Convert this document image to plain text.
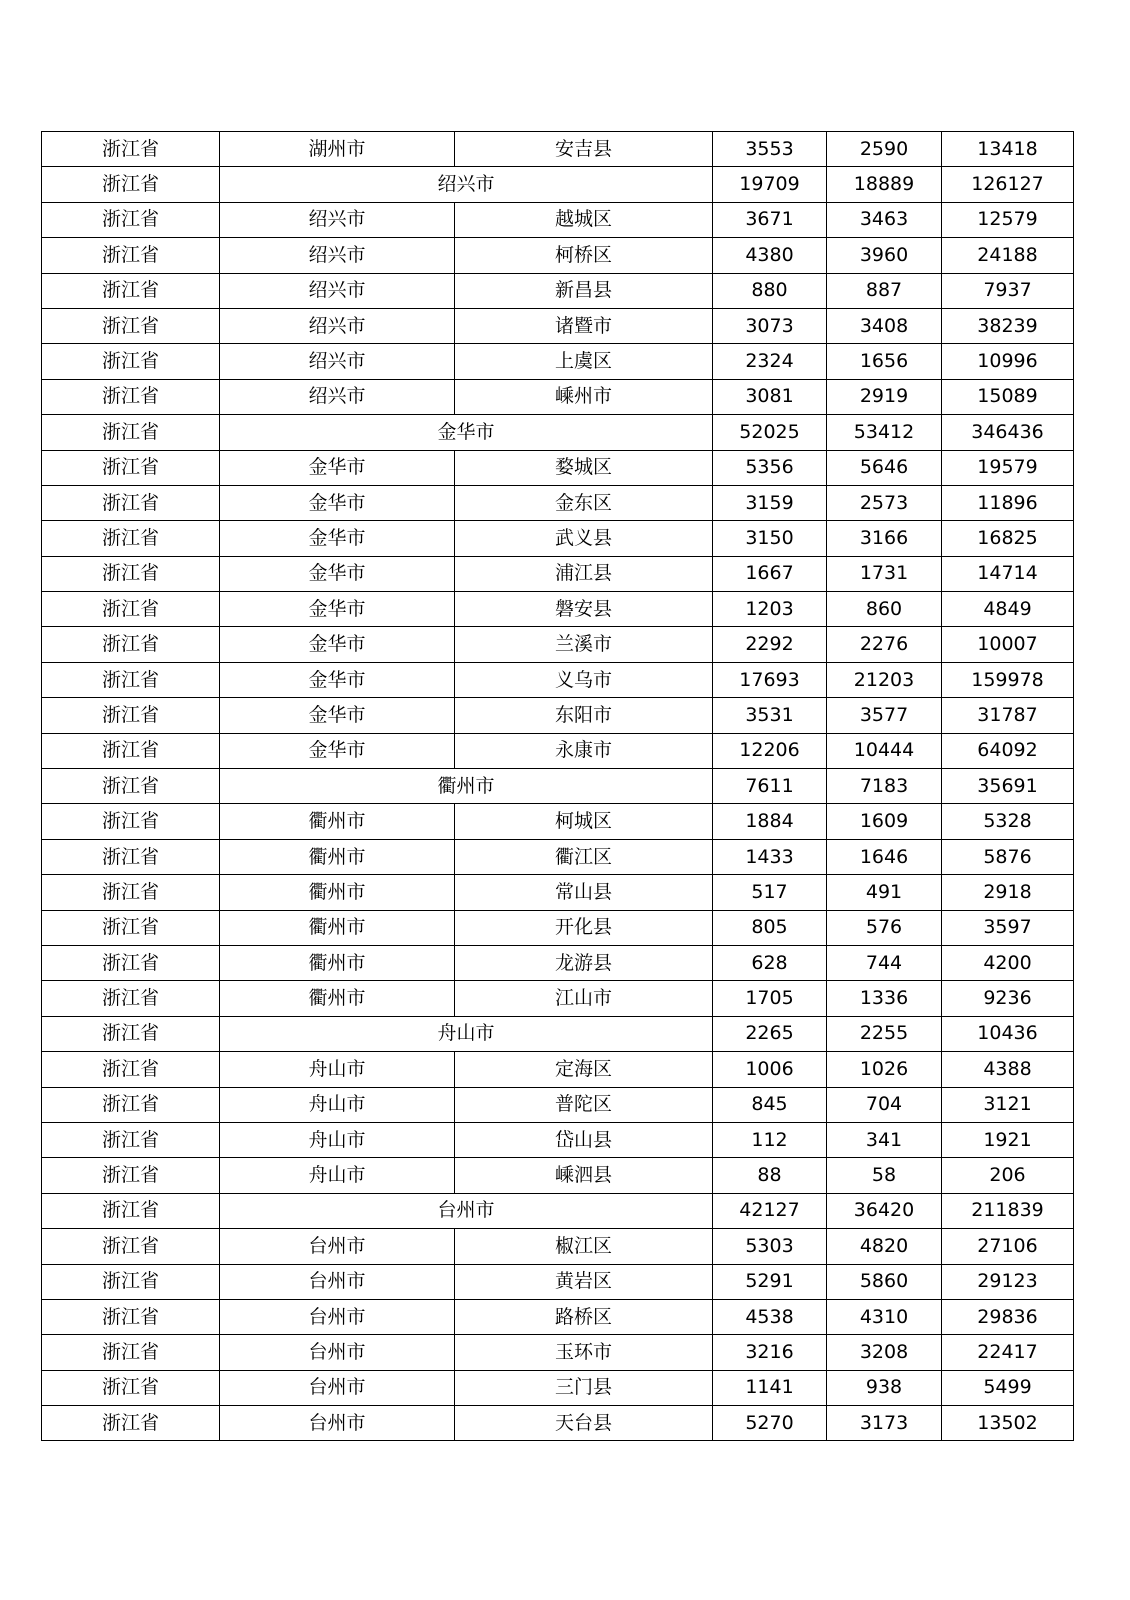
浙江省	湖州市	安吉县	3553	2590	13418
浙江省	绍兴市		19709	18889	126127
浙江省	绍兴市	越城区	3671	3463	12579
浙江省	绍兴市	柯桥区	4380	3960	24188
浙江省	绍兴市	新昌县	880	887	7937
浙江省	绍兴市	诸暨市	3073	3408	38239
浙江省	绍兴市	上虞区	2324	1656	10996
浙江省	绍兴市	嵊州市	3081	2919	15089
浙江省	金华市		52025	53412	346436
浙江省	金华市	婺城区	5356	5646	19579
浙江省	金华市	金东区	3159	2573	11896
浙江省	金华市	武义县	3150	3166	16825
浙江省	金华市	浦江县	1667	1731	14714
浙江省	金华市	磐安县	1203	860	4849
浙江省	金华市	兰溪市	2292	2276	10007
浙江省	金华市	义乌市	17693	21203	159978
浙江省	金华市	东阳市	3531	3577	31787
浙江省	金华市	永康市	12206	10444	64092
浙江省	衢州市		7611	7183	35691
浙江省	衢州市	柯城区	1884	1609	5328
浙江省	衢州市	衢江区	1433	1646	5876
浙江省	衢州市	常山县	517	491	2918
浙江省	衢州市	开化县	805	576	3597
浙江省	衢州市	龙游县	628	744	4200
浙江省	衢州市	江山市	1705	1336	9236
浙江省	舟山市		2265	2255	10436
浙江省	舟山市	定海区	1006	1026	4388
浙江省	舟山市	普陀区	845	704	3121
浙江省	舟山市	岱山县	112	341	1921
浙江省	舟山市	嵊泗县	88	58	206
浙江省	台州市		42127	36420	211839
浙江省	台州市	椒江区	5303	4820	27106
浙江省	台州市	黄岩区	5291	5860	29123
浙江省	台州市	路桥区	4538	4310	29836
浙江省	台州市	玉环市	3216	3208	22417
浙江省	台州市	三门县	1141	938	5499
浙江省	台州市	天台县	5270	3173	13502
